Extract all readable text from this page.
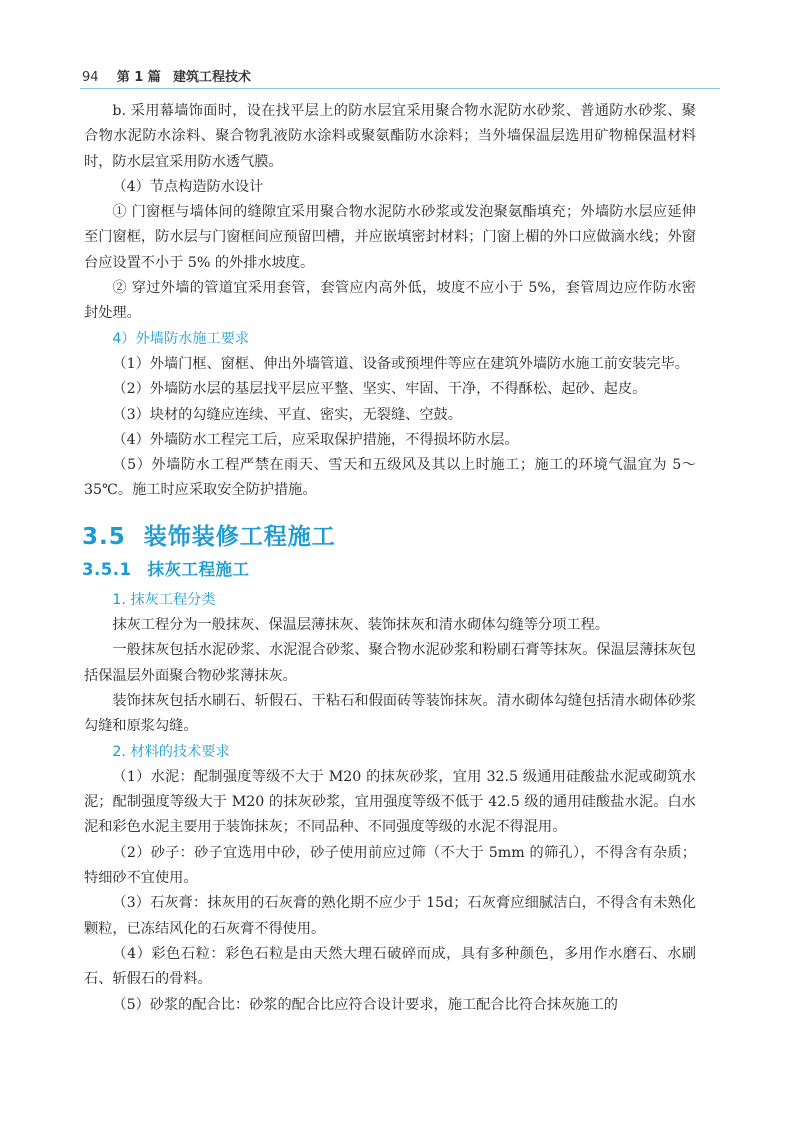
94 第 1 篇 建筑工程技术

b. 采用幕墙饰面时，设在找平层上的防水层宜采用聚合物水泥防水砂浆、普通防水砂浆、聚合物水泥防水涂料、聚合物乳液防水涂料或聚氨酯防水涂料；当外墙保温层选用矿物棉保温材料时，防水层宜采用防水透气膜。

（4）节点构造防水设计

① 门窗框与墙体间的缝隙宜采用聚合物水泥防水砂浆或发泡聚氨酯填充；外墙防水层应延伸至门窗框，防水层与门窗框间应预留凹槽，并应嵌填密封材料；门窗上楣的外口应做滴水线；外窗台应设置不小于 5% 的外排水坡度。

② 穿过外墙的管道宜采用套管，套管应内高外低，坡度不应小于 5%，套管周边应作防水密封处理。

4）外墙防水施工要求

（1）外墙门框、窗框、伸出外墙管道、设备或预埋件等应在建筑外墙防水施工前安装完毕。

（2）外墙防水层的基层找平层应平整、坚实、牢固、干净，不得酥松、起砂、起皮。

（3）块材的勾缝应连续、平直、密实，无裂缝、空鼓。

（4）外墙防水工程完工后，应采取保护措施，不得损坏防水层。

（5）外墙防水工程严禁在雨天、雪天和五级风及其以上时施工；施工的环境气温宜为 5～35℃。施工时应采取安全防护措施。

3.5 装饰装修工程施工
3.5.1 抹灰工程施工

1. 抹灰工程分类

抹灰工程分为一般抹灰、保温层薄抹灰、装饰抹灰和清水砌体勾缝等分项工程。

一般抹灰包括水泥砂浆、水泥混合砂浆、聚合物水泥砂浆和粉刷石膏等抹灰。保温层薄抹灰包括保温层外面聚合物砂浆薄抹灰。

装饰抹灰包括水刷石、斩假石、干粘石和假面砖等装饰抹灰。清水砌体勾缝包括清水砌体砂浆勾缝和原浆勾缝。

2. 材料的技术要求

（1）水泥：配制强度等级不大于 M20 的抹灰砂浆，宜用 32.5 级通用硅酸盐水泥或砌筑水泥；配制强度等级大于 M20 的抹灰砂浆，宜用强度等级不低于 42.5 级的通用硅酸盐水泥。白水泥和彩色水泥主要用于装饰抹灰；不同品种、不同强度等级的水泥不得混用。

（2）砂子：砂子宜选用中砂，砂子使用前应过筛（不大于 5mm 的筛孔），不得含有杂质；特细砂不宜使用。

（3）石灰膏：抹灰用的石灰膏的熟化期不应少于 15d；石灰膏应细腻洁白，不得含有未熟化颗粒，已冻结风化的石灰膏不得使用。

（4）彩色石粒：彩色石粒是由天然大理石破碎而成，具有多种颜色，多用作水磨石、水刷石、斩假石的骨料。

（5）砂浆的配合比：砂浆的配合比应符合设计要求，施工配合比符合抹灰施工的
